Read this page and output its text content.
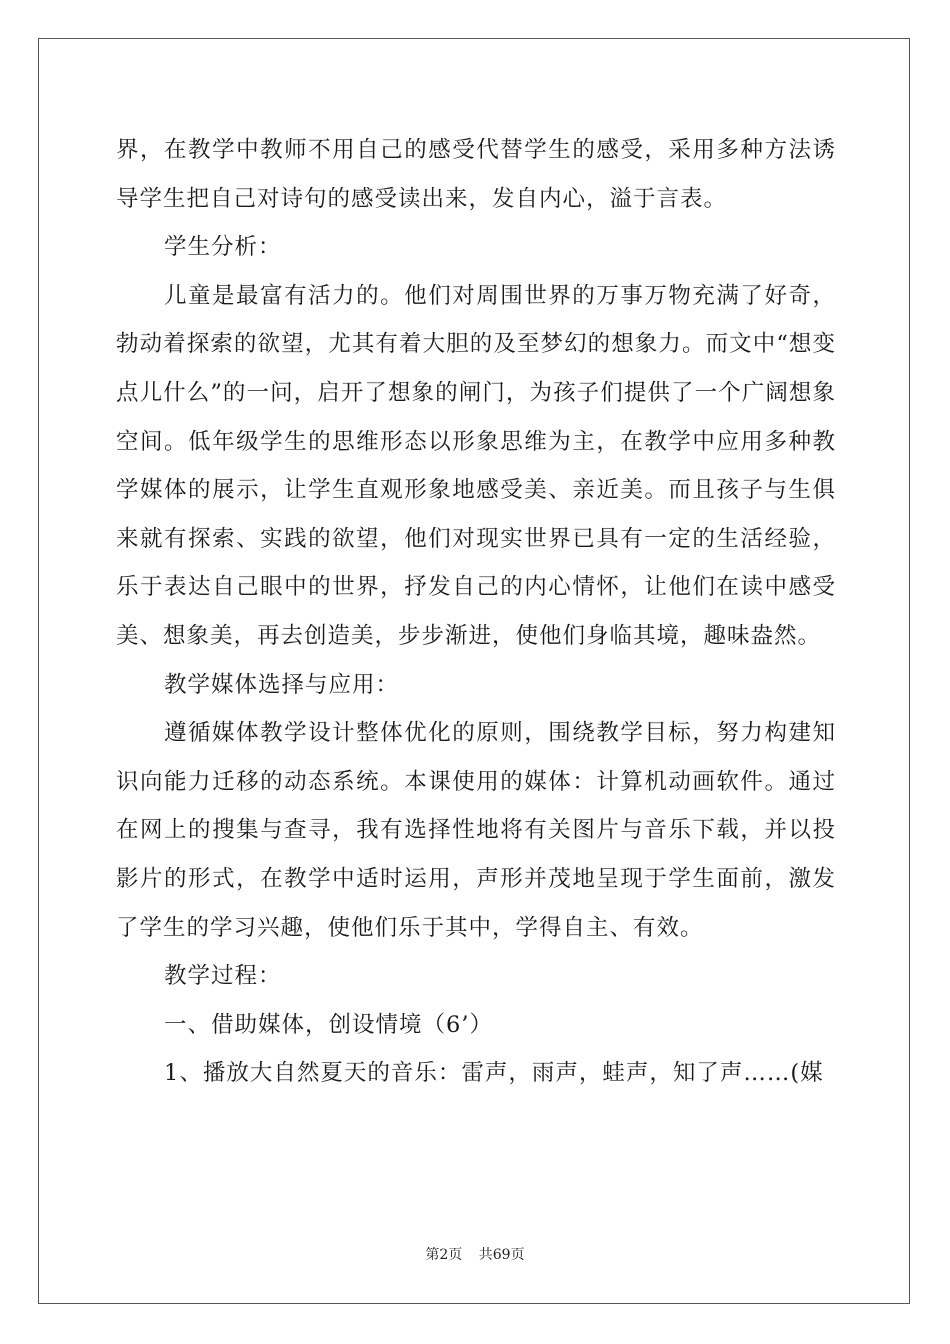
界，在教学中教师不用自己的感受代替学生的感受，采用多种方法诱导学生把自己对诗句的感受读出来，发自内心，溢于言表。

学生分析：

儿童是最富有活力的。他们对周围世界的万事万物充满了好奇，勃动着探索的欲望，尤其有着大胆的及至梦幻的想象力。而文中“想变点儿什么”的一问，启开了想象的闸门，为孩子们提供了一个广阔想象空间。低年级学生的思维形态以形象思维为主，在教学中应用多种教学媒体的展示，让学生直观形象地感受美、亲近美。而且孩子与生俱来就有探索、实践的欲望，他们对现实世界已具有一定的生活经验，乐于表达自己眼中的世界，抒发自己的内心情怀，让他们在读中感受美、想象美，再去创造美，步步渐进，使他们身临其境，趣味盎然。

教学媒体选择与应用：

遵循媒体教学设计整体优化的原则，围绕教学目标，努力构建知识向能力迁移的动态系统。本课使用的媒体：计算机动画软件。通过在网上的搜集与查寻，我有选择性地将有关图片与音乐下载，并以投影片的形式，在教学中适时运用，声形并茂地呈现于学生面前，激发了学生的学习兴趣，使他们乐于其中，学得自主、有效。

教学过程：

一、借助媒体，创设情境（6’）

1、播放大自然夏天的音乐：雷声，雨声，蛙声，知了声……(媒

第2页 共69页
